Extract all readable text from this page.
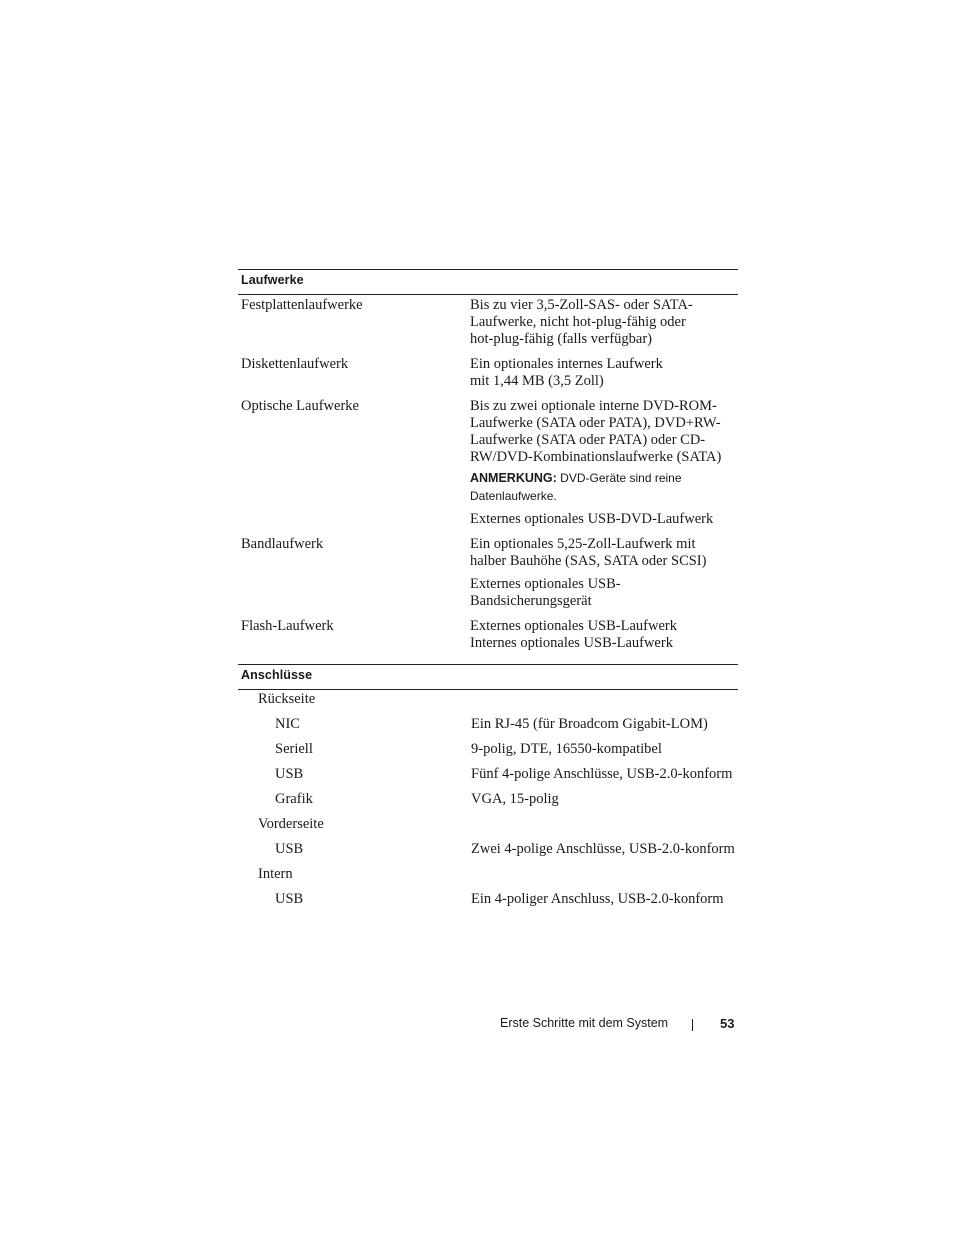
Laufwerke
Festplattenlaufwerke	Bis zu vier 3,5-Zoll-SAS- oder SATA-
Laufwerke, nicht hot-plug-fähig oder
hot-plug-fähig (falls verfügbar)
Diskettenlaufwerk	Ein optionales internes Laufwerk
mit 1,44 MB (3,5 Zoll)
Optische Laufwerke	Bis zu zwei optionale interne DVD-ROM-
Laufwerke (SATA oder PATA), DVD+RW-
Laufwerke (SATA oder PATA) oder CD-
RW/DVD-Kombinationslaufwerke (SATA)
ANMERKUNG: DVD-Geräte sind reine
Datenlaufwerke.
Externes optionales USB-DVD-Laufwerk
Bandlaufwerk	Ein optionales 5,25-Zoll-Laufwerk mit
halber Bauhöhe (SAS, SATA oder SCSI)
Externes optionales USB-
Bandsicherungsgerät
Flash-Laufwerk	Externes optionales USB-Laufwerk
Internes optionales USB-Laufwerk
Anschlüsse
Rückseite
NIC	Ein RJ-45 (für Broadcom Gigabit-LOM)
Seriell	9-polig, DTE, 16550-kompatibel
USB	Fünf 4-polige Anschlüsse, USB-2.0-konform
Grafik	VGA, 15-polig
Vorderseite
USB	Zwei 4-polige Anschlüsse, USB-2.0-konform
Intern
USB	Ein 4-poliger Anschluss, USB-2.0-konform
Erste Schritte mit dem System	53
